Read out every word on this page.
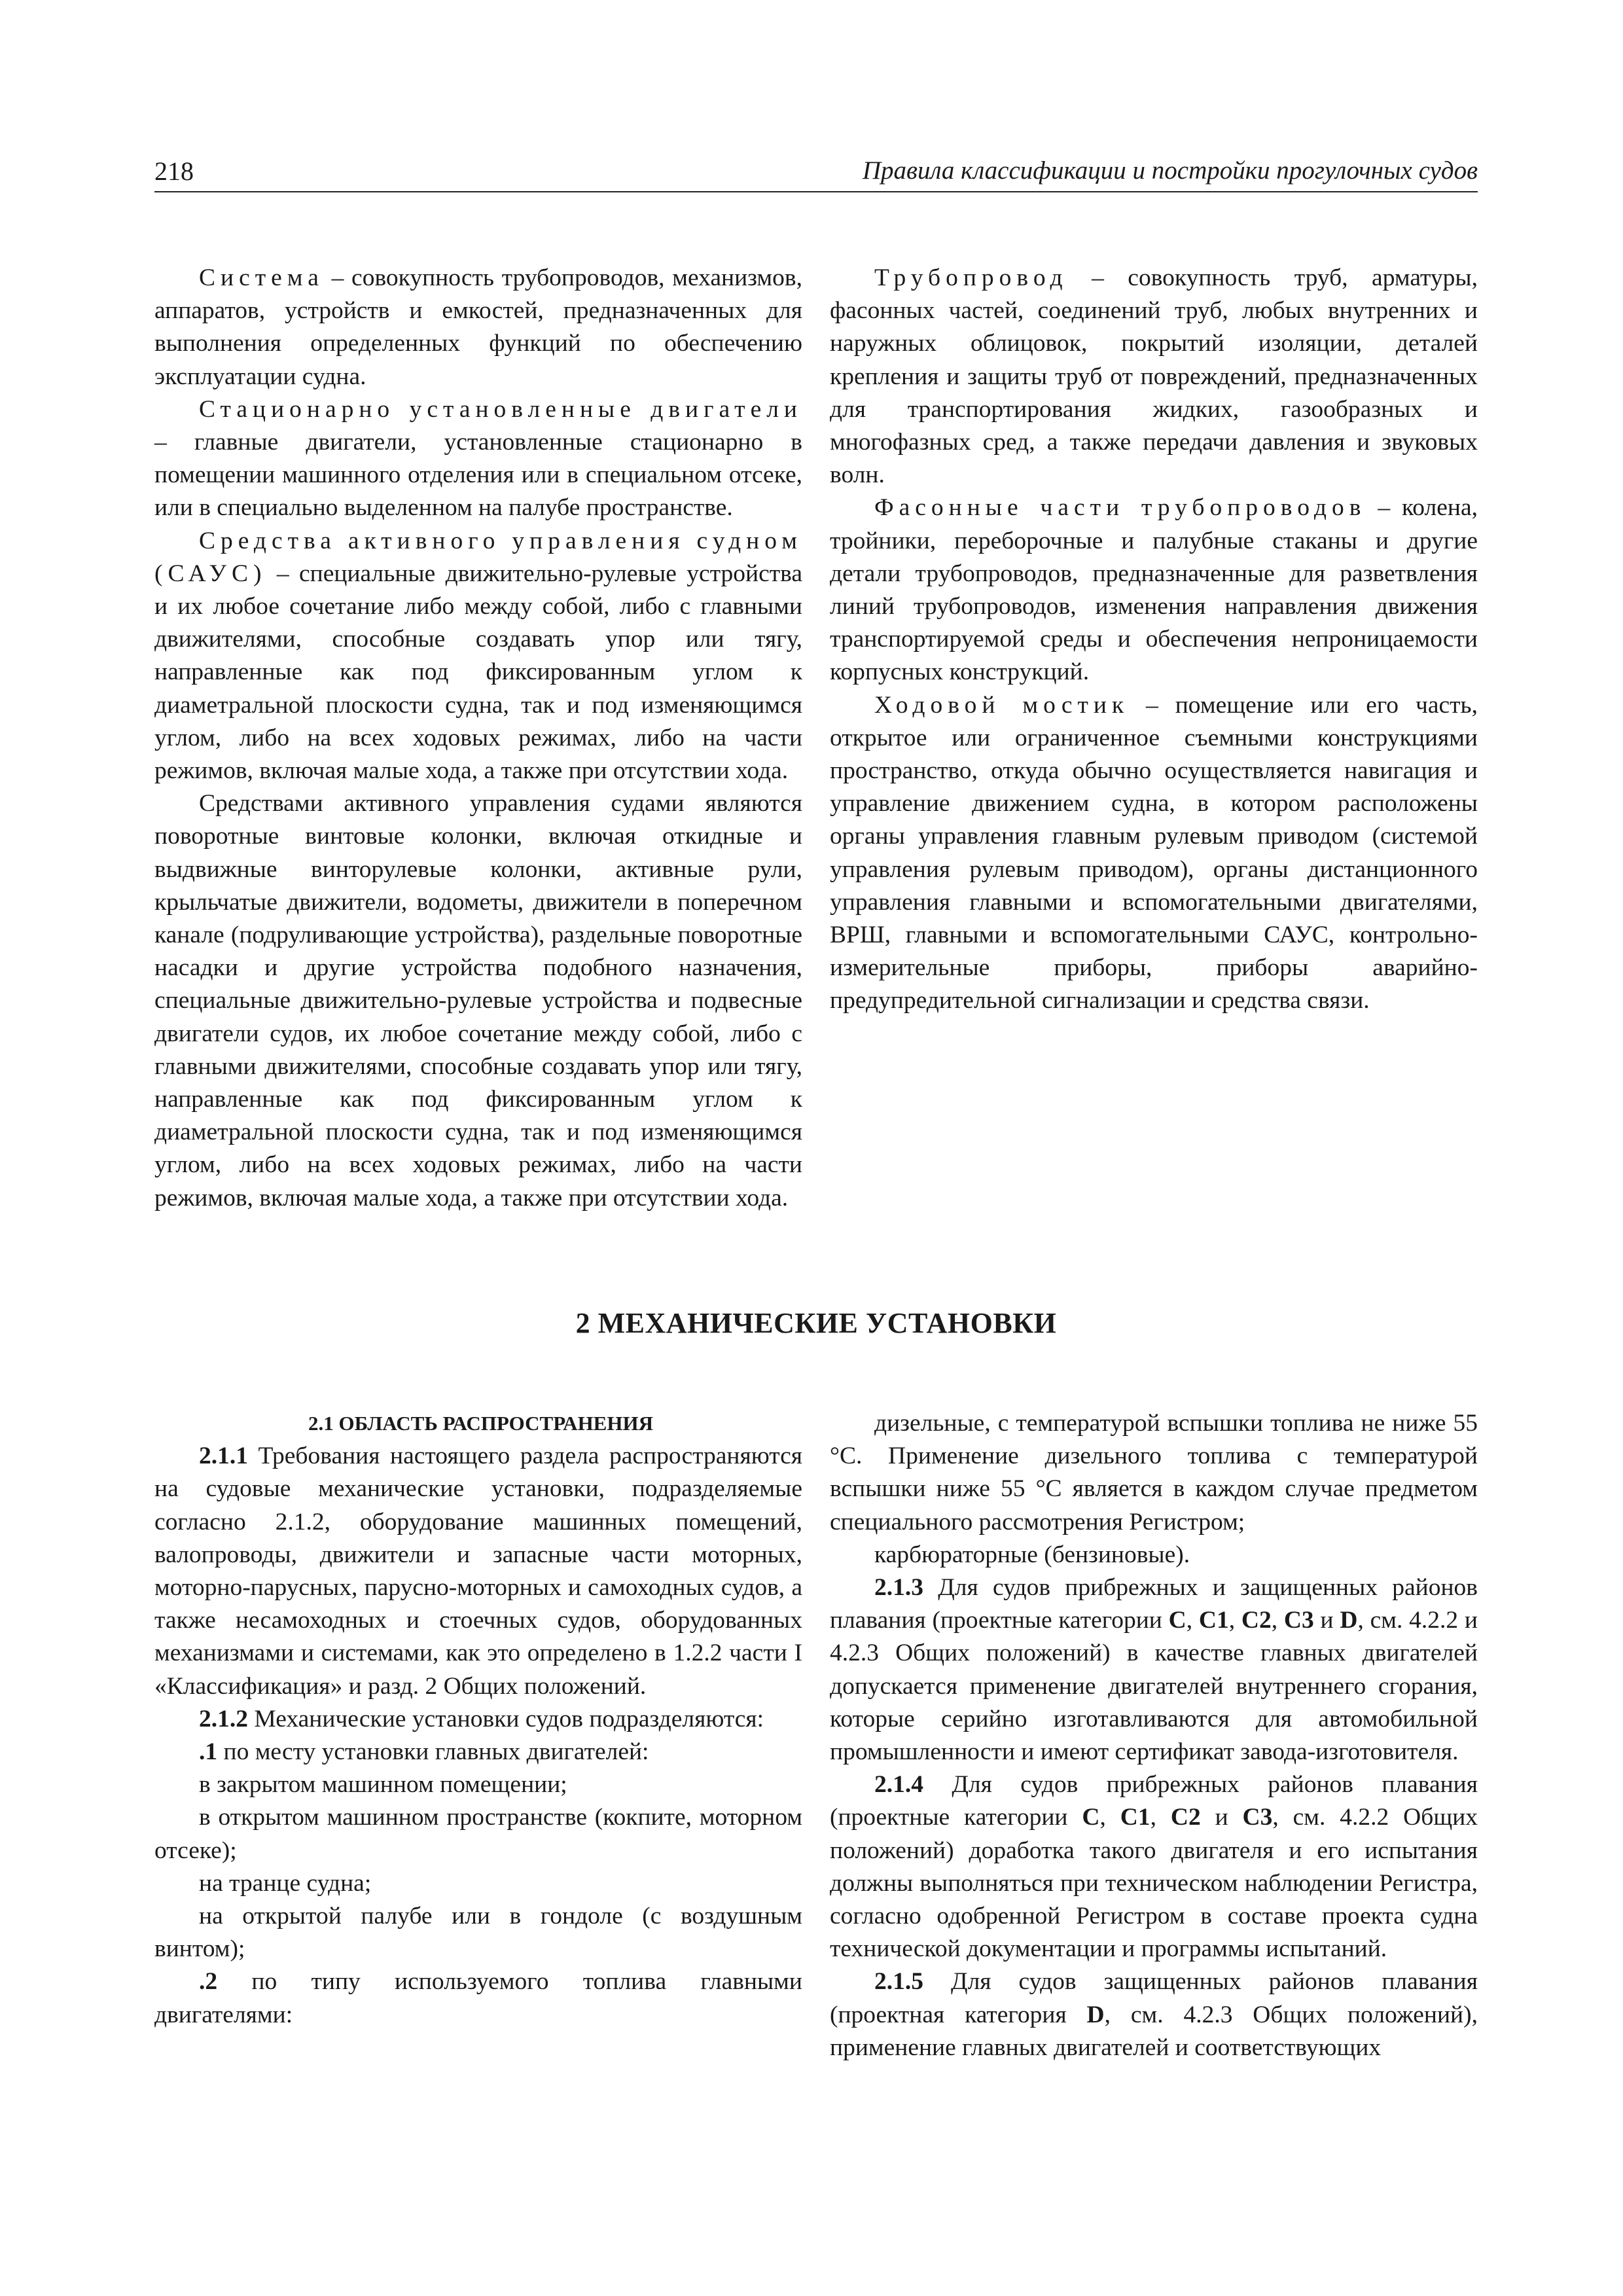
218	Правила классификации и постройки прогулочных судов

Система – совокупность трубопроводов, механизмов, аппаратов, устройств и емкостей, предназначенных для выполнения определенных функций по обеспечению эксплуатации судна.

Стационарно установленные двигатели – главные двигатели, установленные стационарно в помещении машинного отделения или в специальном отсеке, или в специально выделенном на палубе пространстве.

Средства активного управления судном (САУС) – специальные движительно-рулевые устройства и их любое сочетание либо между собой, либо с главными движителями, способные создавать упор или тягу, направленные как под фиксированным углом к диаметральной плоскости судна, так и под изменяющимся углом, либо на всех ходовых режимах, либо на части режимов, включая малые хода, а также при отсутствии хода.

Средствами активного управления судами являются поворотные винтовые колонки, включая откидные и выдвижные винторулевые колонки, активные рули, крыльчатые движители, водометы, движители в поперечном канале (подруливающие устройства), раздельные поворотные насадки и другие устройства подобного назначения, специальные движительно-рулевые устройства и подвесные двигатели судов, их любое сочетание между собой, либо с главными движителями, способные создавать упор или тягу, направленные как под фиксированным углом к диаметральной плоскости судна, так и под изменяющимся углом, либо на всех ходовых режимах, либо на части режимов, включая малые хода, а также при отсутствии хода.

Трубопровод – совокупность труб, арматуры, фасонных частей, соединений труб, любых внутренних и наружных облицовок, покрытий изоляции, деталей крепления и защиты труб от повреждений, предназначенных для транспортирования жидких, газообразных и многофазных сред, а также передачи давления и звуковых волн.

Фасонные части трубопроводов – колена, тройники, переборочные и палубные стаканы и другие детали трубопроводов, предназначенные для разветвления линий трубопроводов, изменения направления движения транспортируемой среды и обеспечения непроницаемости корпусных конструкций.

Ходовой мостик – помещение или его часть, открытое или ограниченное съемными конструкциями пространство, откуда обычно осуществляется навигация и управление движением судна, в котором расположены органы управления главным рулевым приводом (системой управления рулевым приводом), органы дистанционного управления главными и вспомогательными двигателями, ВРШ, главными и вспомогательными САУС, контрольно-измерительные приборы, приборы аварийно-предупредительной сигнализации и средства связи.

2 МЕХАНИЧЕСКИЕ УСТАНОВКИ

2.1 ОБЛАСТЬ РАСПРОСТРАНЕНИЯ

2.1.1 Требования настоящего раздела распространяются на судовые механические установки, подразделяемые согласно 2.1.2, оборудование машинных помещений, валопроводы, движители и запасные части моторных, моторно-парусных, парусно-моторных и самоходных судов, а также несамоходных и стоечных судов, оборудованных механизмами и системами, как это определено в 1.2.2 части I «Классификация» и разд. 2 Общих положений.

2.1.2 Механические установки судов подразделяются:

.1 по месту установки главных двигателей:

в закрытом машинном помещении;

в открытом машинном пространстве (кокпите, моторном отсеке);

на транце судна;

на открытой палубе или в гондоле (с воздушным винтом);

.2 по типу используемого топлива главными двигателями:

дизельные, с температурой вспышки топлива не ниже 55 °С. Применение дизельного топлива с температурой вспышки ниже 55 °С является в каждом случае предметом специального рассмотрения Регистром;

карбюраторные (бензиновые).

2.1.3 Для судов прибрежных и защищенных районов плавания (проектные категории С, С1, С2, С3 и D, см. 4.2.2 и 4.2.3 Общих положений) в качестве главных двигателей допускается применение двигателей внутреннего сгорания, которые серийно изготавливаются для автомобильной промышленности и имеют сертификат завода-изготовителя.

2.1.4 Для судов прибрежных районов плавания (проектные категории С, С1, С2 и С3, см. 4.2.2 Общих положений) доработка такого двигателя и его испытания должны выполняться при техническом наблюдении Регистра, согласно одобренной Регистром в составе проекта судна технической документации и программы испытаний.

2.1.5 Для судов защищенных районов плавания (проектная категория D, см. 4.2.3 Общих положений), применение главных двигателей и соответствующих
